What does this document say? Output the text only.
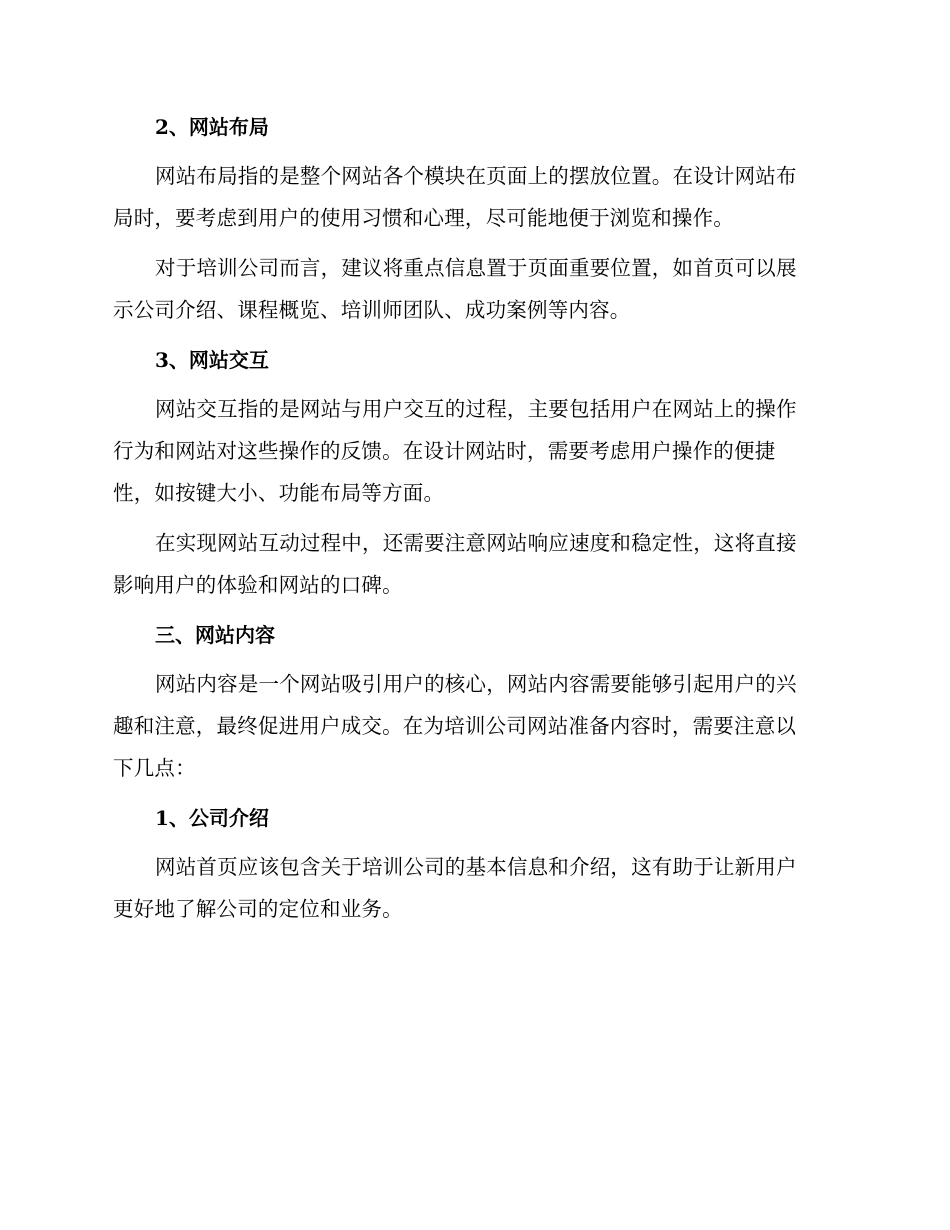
2、网站布局
网站布局指的是整个网站各个模块在页面上的摆放位置。在设计网站布
局时，要考虑到用户的使用习惯和心理，尽可能地便于浏览和操作。
对于培训公司而言，建议将重点信息置于页面重要位置，如首页可以展
示公司介绍、课程概览、培训师团队、成功案例等内容。
3、网站交互
网站交互指的是网站与用户交互的过程，主要包括用户在网站上的操作
行为和网站对这些操作的反馈。在设计网站时，需要考虑用户操作的便捷
性，如按键大小、功能布局等方面。
在实现网站互动过程中，还需要注意网站响应速度和稳定性，这将直接
影响用户的体验和网站的口碑。
三、网站内容
网站内容是一个网站吸引用户的核心，网站内容需要能够引起用户的兴
趣和注意，最终促进用户成交。在为培训公司网站准备内容时，需要注意以
下几点：
1、公司介绍
网站首页应该包含关于培训公司的基本信息和介绍，这有助于让新用户
更好地了解公司的定位和业务。
